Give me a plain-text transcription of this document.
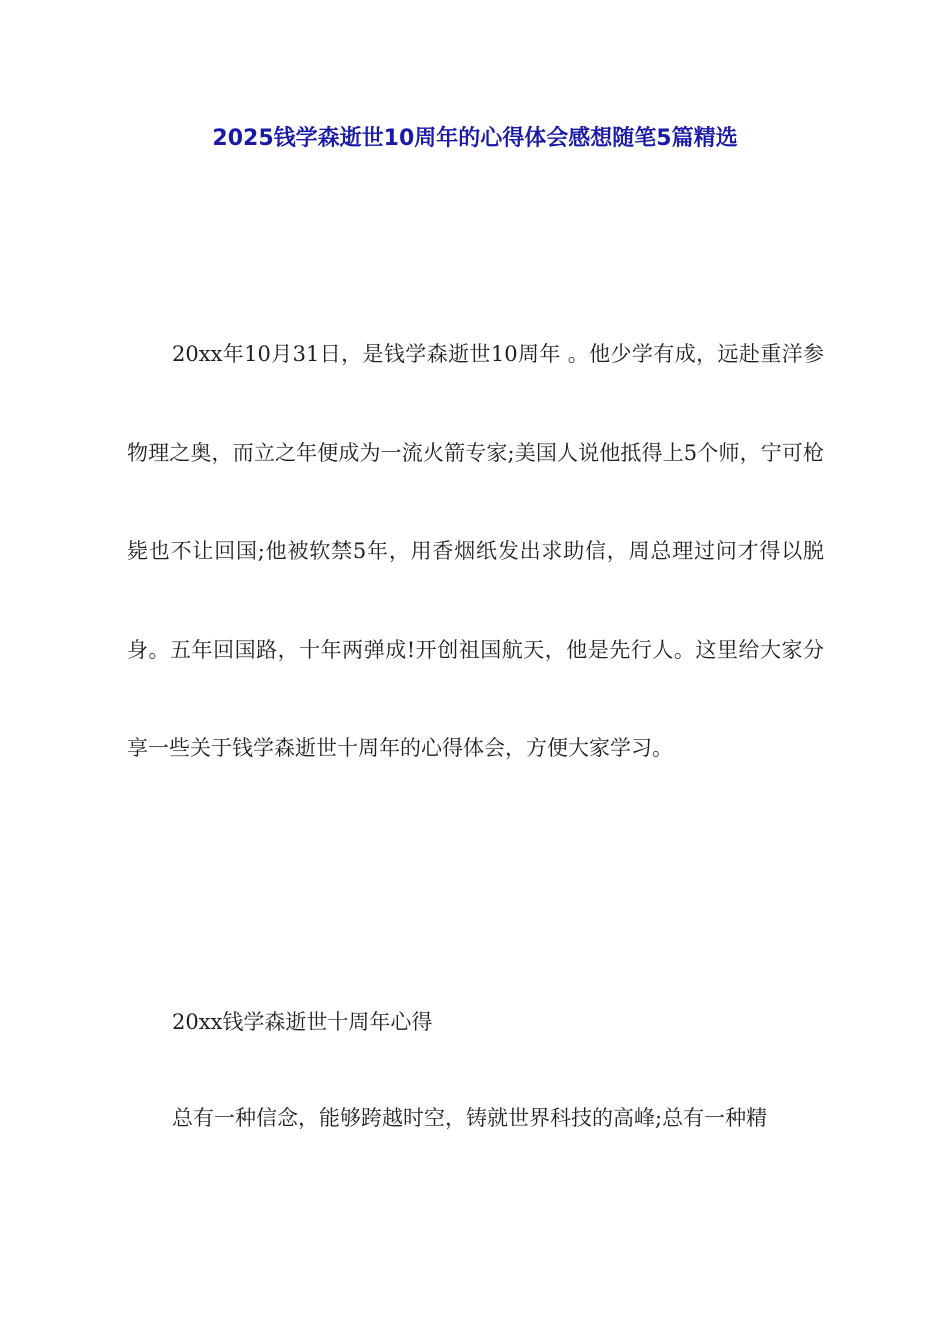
2025钱学森逝世10周年的心得体会感想随笔5篇精选

20xx年10月31日，是钱学森逝世10周年 。他少学有成，远赴重洋参物理之奥，而立之年便成为一流火箭专家;美国人说他抵得上5个师，宁可枪毙也不让回国;他被软禁5年，用香烟纸发出求助信，周总理过问才得以脱身。五年回国路，十年两弹成!开创祖国航天，他是先行人。这里给大家分享一些关于钱学森逝世十周年的心得体会，方便大家学习。

20xx钱学森逝世十周年心得

总有一种信念，能够跨越时空，铸就世界科技的高峰;总有一种精
